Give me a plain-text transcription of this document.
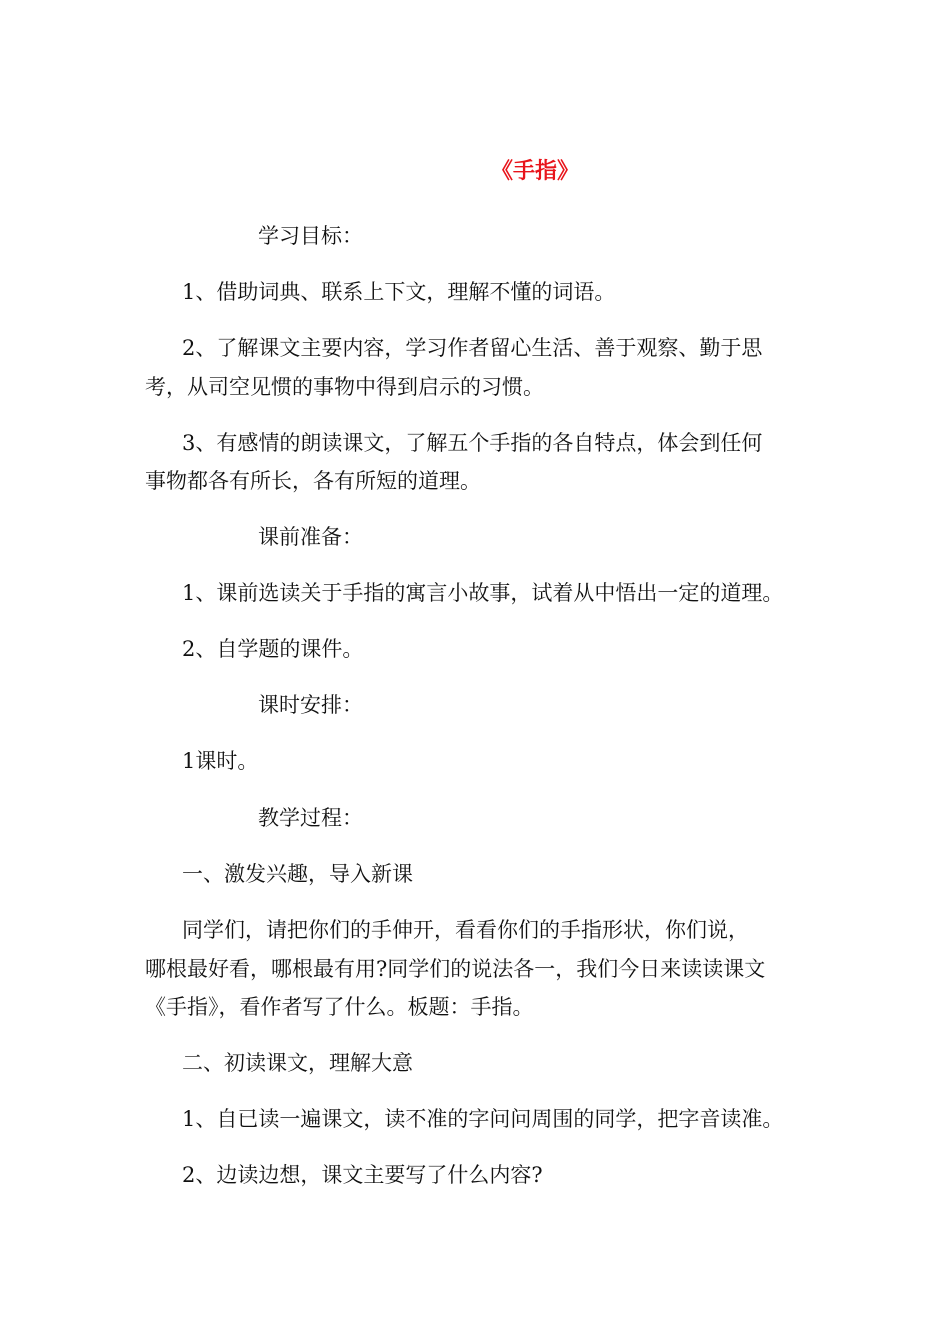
《手指》
学习目标：
1、借助词典、联系上下文，理解不懂的词语。
2、了解课文主要内容，学习作者留心生活、善于观察、勤于思
考，从司空见惯的事物中得到启示的习惯。
3、有感情的朗读课文，了解五个手指的各自特点，体会到任何
事物都各有所长，各有所短的道理。
课前准备：
1、课前选读关于手指的寓言小故事，试着从中悟出一定的道理。
2、自学题的课件。
课时安排：
1课时。
教学过程：
一、激发兴趣，导入新课
同学们，请把你们的手伸开，看看你们的手指形状，你们说，
哪根最好看，哪根最有用?同学们的说法各一，我们今日来读读课文
《手指》，看作者写了什么。板题：手指。
二、初读课文，理解大意
1、自已读一遍课文，读不准的字问问周围的同学，把字音读准。
2、边读边想，课文主要写了什么内容?
